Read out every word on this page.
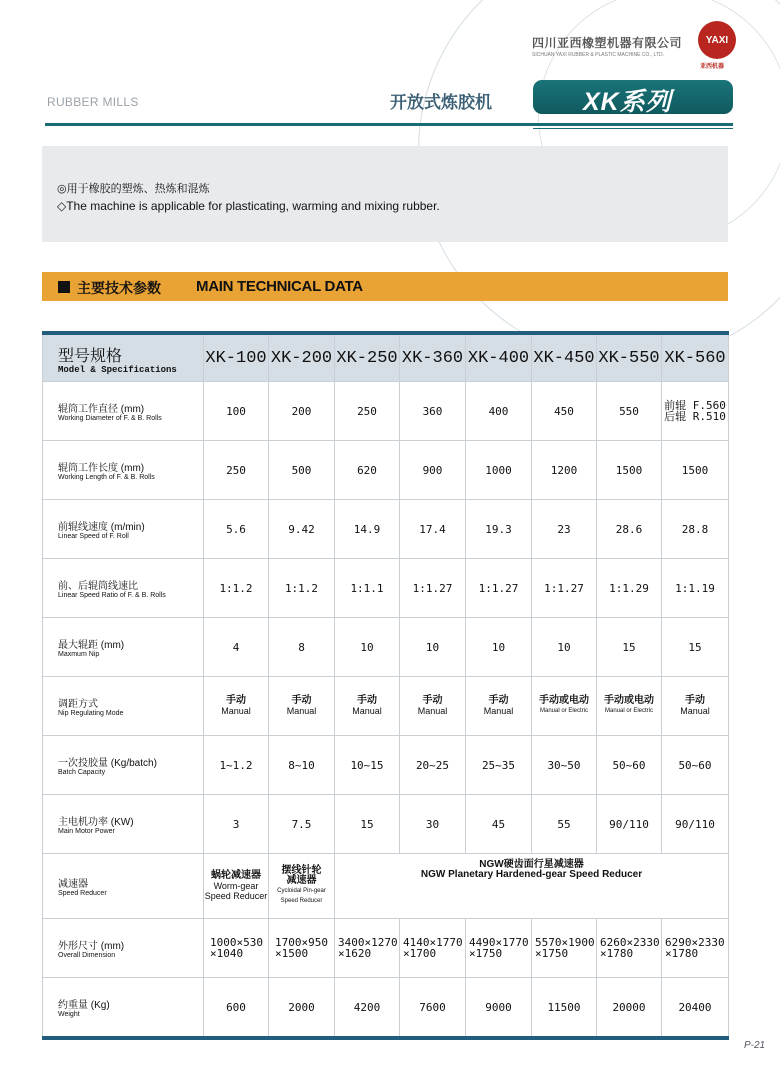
四川亚西橡塑机器有限公司
SICHUAN YAXI RUBBER & PLASTIC MACHINE CO., LTD.
YAXI
亚西机器
RUBBER MILLS	开放式炼胶机	XK系列
◎用于橡胶的塑炼、热炼和混炼
◇The machine is applicable for plasticating, warming and mixing rubber.
主要技术参数 MAIN TECHNICAL DATA
型号规格
Model & Specifications	XK-100	XK-200	XK-250	XK-360	XK-400	XK-450	XK-550	XK-560

辊筒工作直径 (mm)
Working Diameter of F. & B. Rolls	100	200	250	360	400	450	550	前辊 F.560
后辊 R.510

辊筒工作长度 (mm)
Working Length of F. & B. Rolls	250	500	620	900	1000	1200	1500	1500

前辊线速度 (m/min)
Linear Speed of F. Roll	5.6	9.42	14.9	17.4	19.3	23	28.6	28.8

前、后辊筒线速比
Linear Speed Ratio of F. & B. Rolls	1:1.2	1:1.2	1:1.1	1:1.27	1:1.27	1:1.27	1:1.29	1:1.19

最大辊距 (mm)
Maxmum Nip	4	8	10	10	10	10	15	15

调距方式
Nip Regulating Mode	手动
Manual	手动
Manual	手动
Manual	手动
Manual	手动
Manual	手动或电动
Manual or Electric	手动或电动
Manual or Electric	手动
Manual

一次投胶量 (Kg/batch)
Batch Capacity	1~1.2	8~10	10~15	20~25	25~35	30~50	50~60	50~60

主电机功率 (KW)
Main Motor Power	3	7.5	15	30	45	55	90/110	90/110

减速器
Speed Reducer	蜗轮减速器
Worm-gear
Speed Reducer	摆线针轮
减速器
Cycloidal Pin-gear
Speed Reducer	NGW硬齿面行星减速器
NGW Planetary Hardened-gear Speed Reducer					

外形尺寸 (mm)
Overall Dimension	1000×530
×1040	1700×950
×1500	3400×1270
×1620	4140×1770
×1700	4490×1770
×1750	5570×1900
×1750	6260×2330
×1780	6290×2330
×1780

约重量 (Kg)
Weight	600	2000	4200	7600	9000	11500	20000	20400
P-21
